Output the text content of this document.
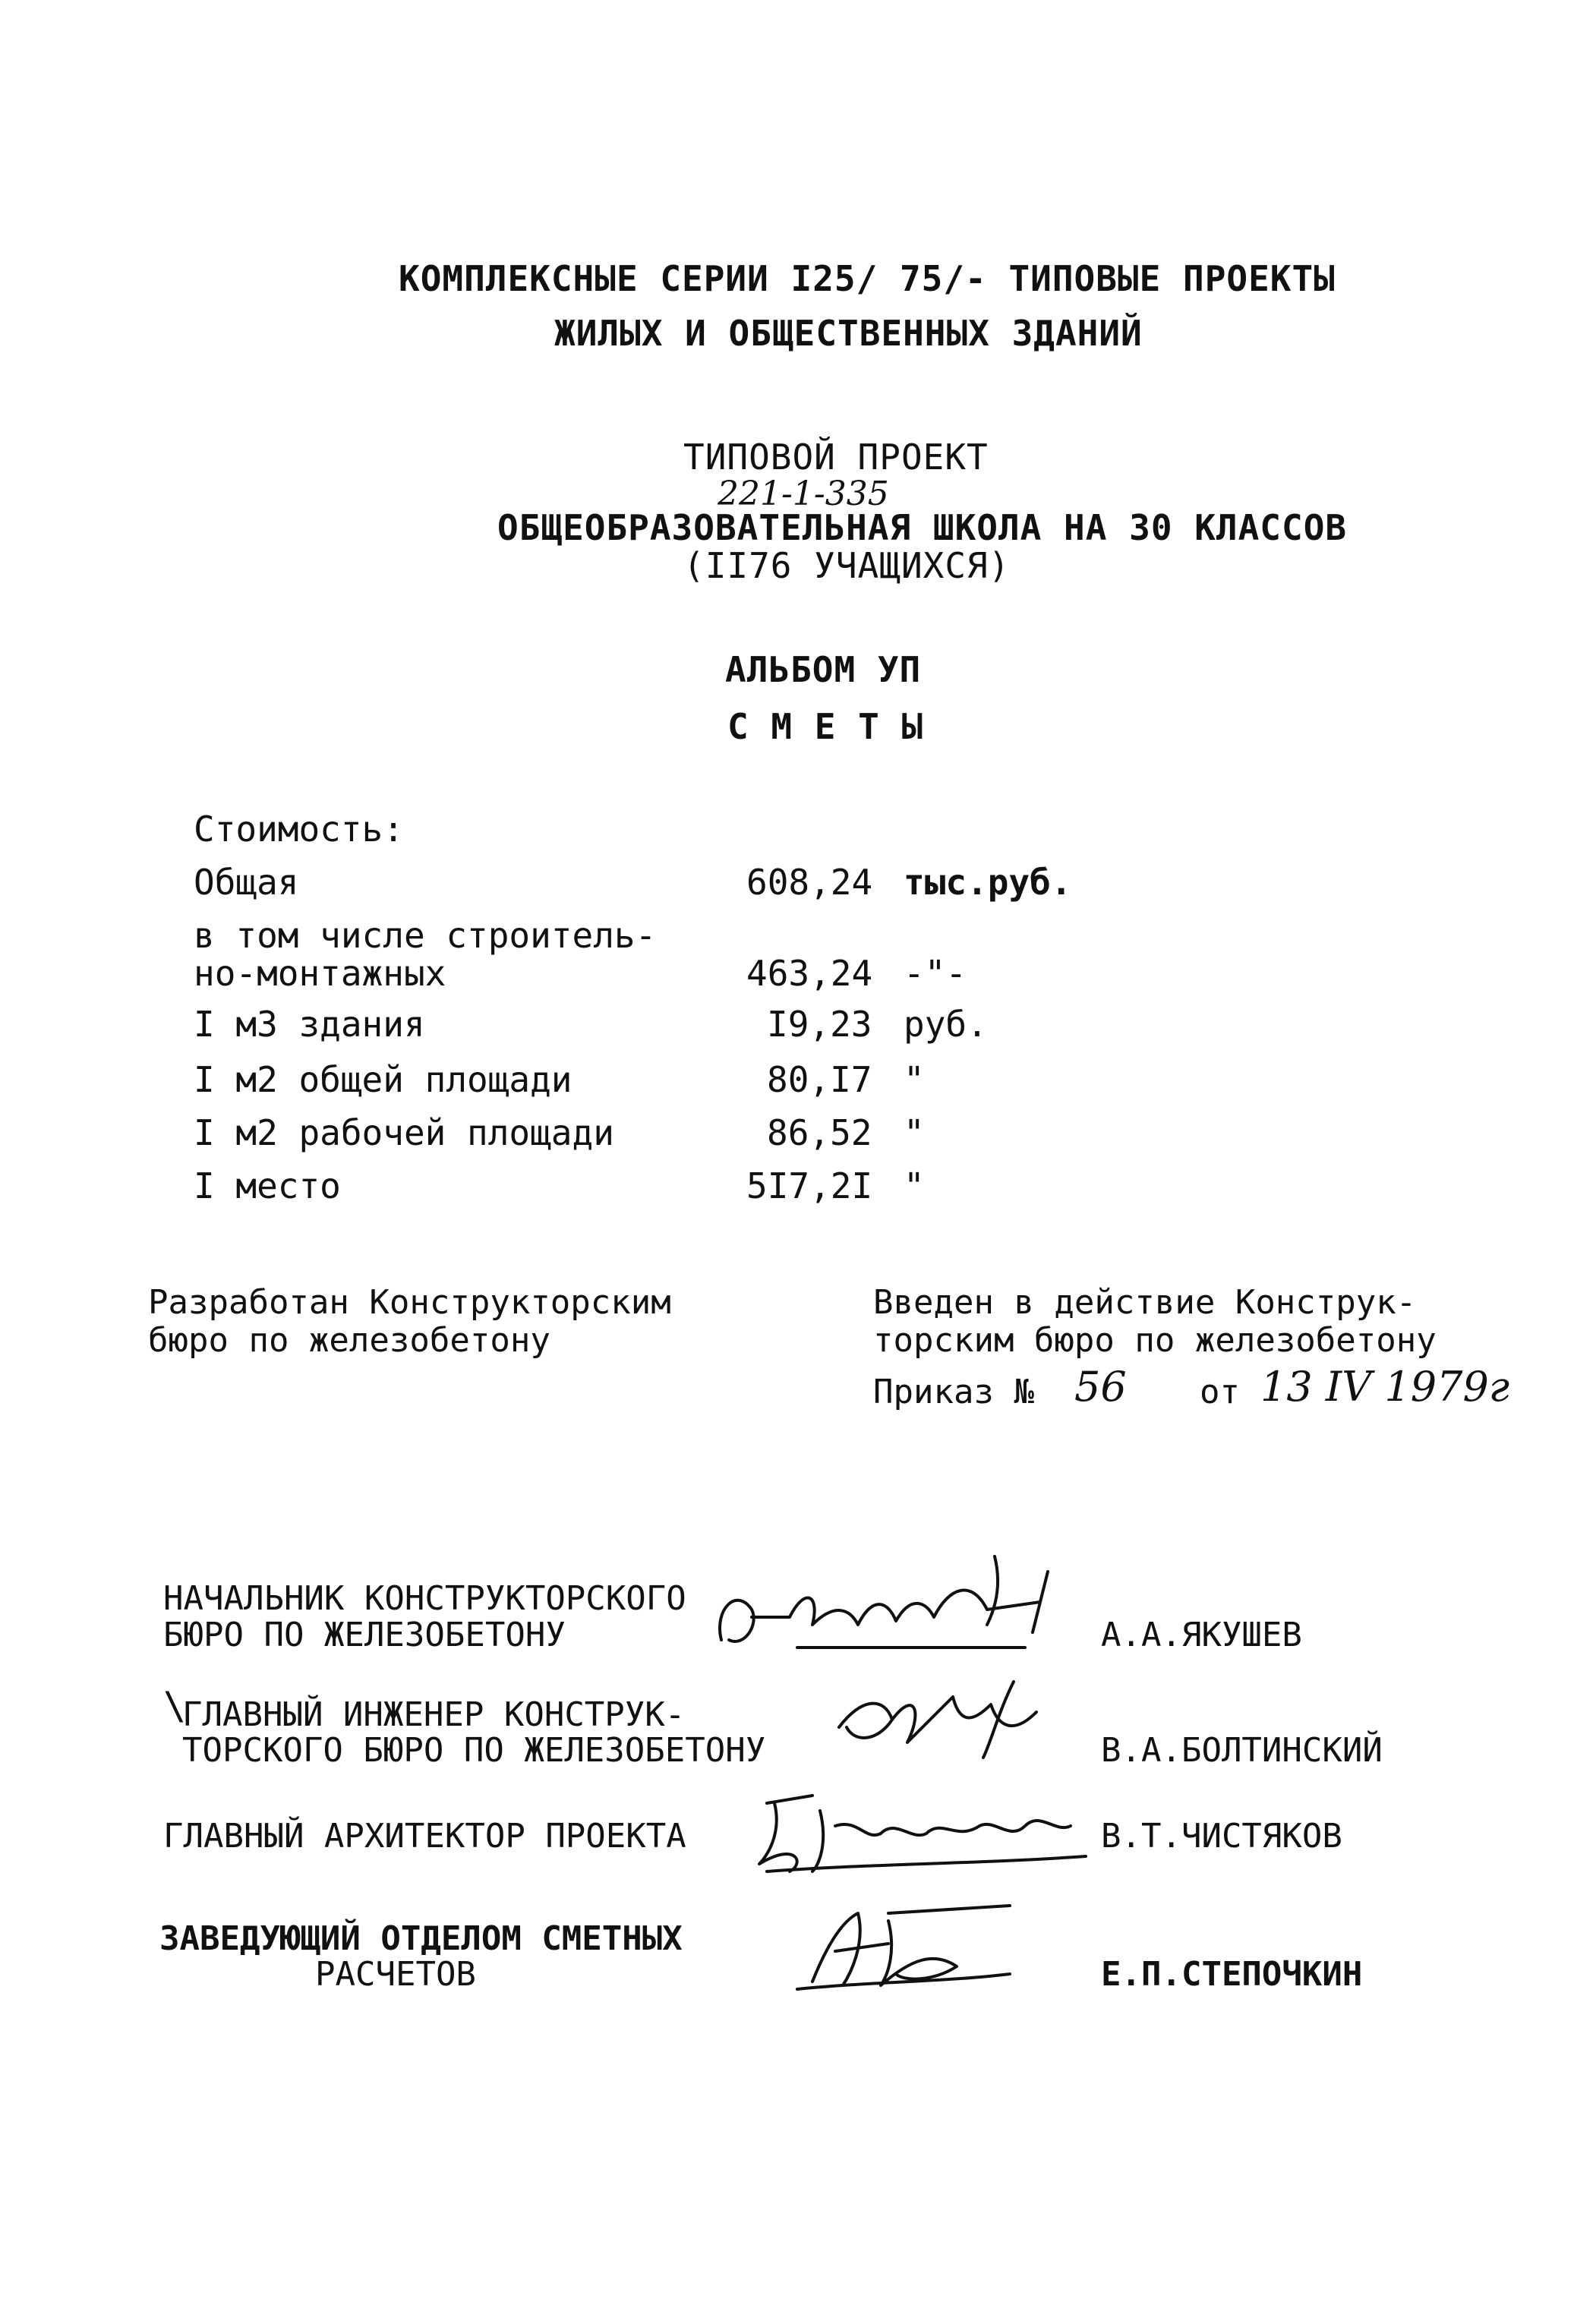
КОМПЛЕКСНЫЕ СЕРИИ I25/ 75/- ТИПОВЫЕ ПРОЕКТЫ
ЖИЛЫХ И ОБЩЕСТВЕННЫХ ЗДАНИЙ
ТИПОВОЙ ПРОЕКТ
221-1-335
ОБЩЕОБРАЗОВАТЕЛЬНАЯ ШКОЛА НА 30 КЛАССОВ
(II76 УЧАЩИХСЯ)
АЛЬБОМ УП
С М Е Т Ы
Стоимость:
Общая	608,24 тыс.руб.
в том числе строитель-
но-монтажных	463,24 -"-
I м3 здания	I9,23 руб.
I м2 общей площади	80,I7 "
I м2 рабочей площади	86,52 "
I место	5I7,2I "
Разработан Конструкторским
бюро по железобетону
Введен в действие Конструк-
торским бюро по железобетону
Приказ № 56 от 13 IV 1979г
НАЧАЛЬНИК КОНСТРУКТОРСКОГО
БЮРО ПО ЖЕЛЕЗОБЕТОНУ	А.А.ЯКУШЕВ
\
ГЛАВНЫЙ ИНЖЕНЕР КОНСТРУК-
ТОРСКОГО БЮРО ПО ЖЕЛЕЗОБЕТОНУ	В.А.БОЛТИНСКИЙ
ГЛАВНЫЙ АРХИТЕКТОР ПРОЕКТА	В.Т.ЧИСТЯКОВ
ЗАВЕДУЮЩИЙ ОТДЕЛОМ СМЕТНЫХ
РАСЧЕТОВ	Е.П.СТЕПОЧКИН
